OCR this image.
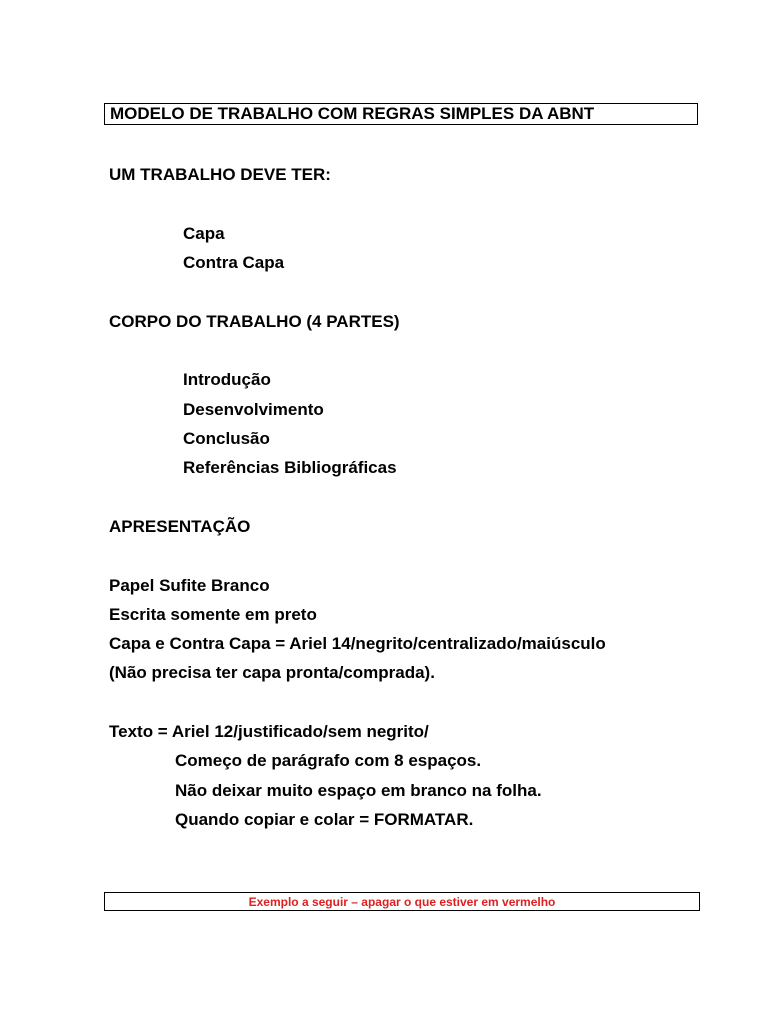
MODELO DE TRABALHO COM REGRAS SIMPLES DA ABNT
UM TRABALHO DEVE TER:
Capa
Contra Capa
CORPO DO TRABALHO (4 PARTES)
Introdução
Desenvolvimento
Conclusão
Referências Bibliográficas
APRESENTAÇÃO
Papel Sufite Branco
Escrita somente em preto
Capa e Contra Capa = Ariel 14/negrito/centralizado/maiúsculo
(Não precisa ter capa pronta/comprada).
Texto = Ariel 12/justificado/sem negrito/
Começo de parágrafo com 8 espaços.
Não deixar muito espaço em branco na folha.
Quando copiar e colar = FORMATAR.
Exemplo a seguir – apagar o que estiver em vermelho
